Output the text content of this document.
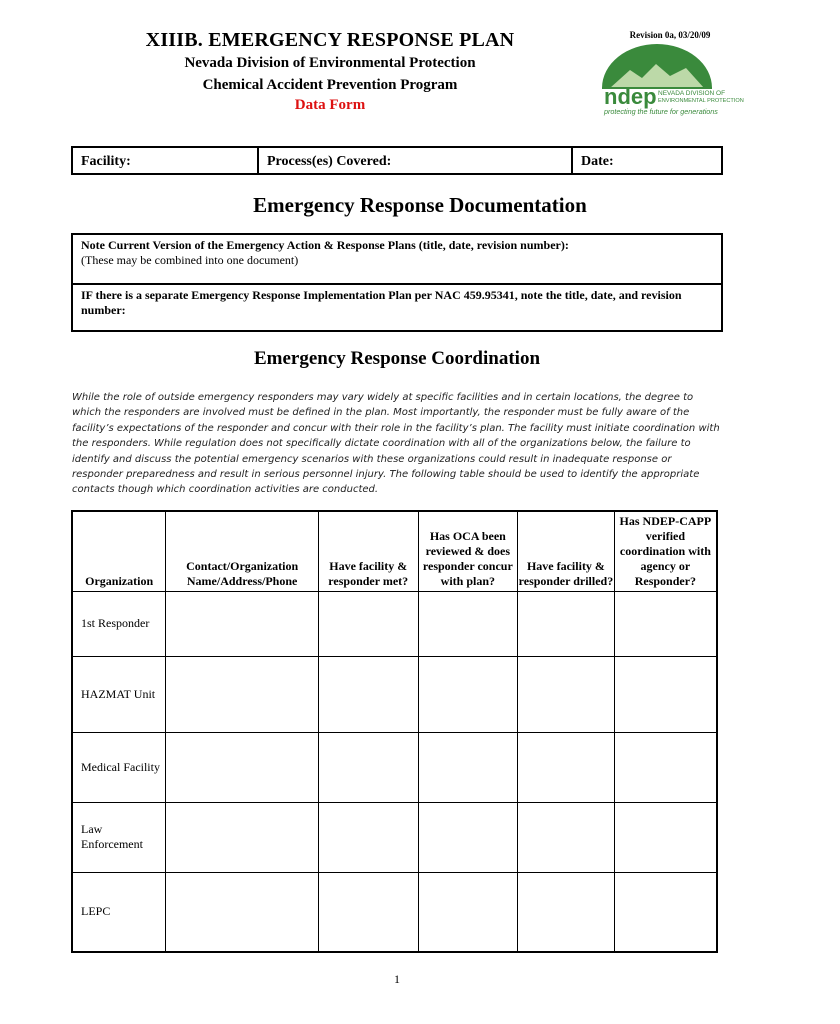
XIIIB. EMERGENCY RESPONSE PLAN
Nevada Division of Environmental Protection
Chemical Accident Prevention Program
Data Form
Revision 0a, 03/20/09
ndep NEVADA DIVISION OF
ENVIRONMENTAL PROTECTION
protecting the future for generations
Facility:	Process(es) Covered:	Date:
Emergency Response Documentation
Note Current Version of the Emergency Action & Response Plans (title, date, revision number):
(These may be combined into one document)
IF there is a separate Emergency Response Implementation Plan per NAC 459.95341, note the title, date, and revision number:
Emergency Response Coordination
While the role of outside emergency responders may vary widely at specific facilities and in certain locations, the degree to which the responders are involved must be defined in the plan. Most importantly, the responder must be fully aware of the facility’s expectations of the responder and concur with their role in the facility’s plan. The facility must initiate coordination with the responders. While regulation does not specifically dictate coordination with all of the organizations below, the failure to identify and discuss the potential emergency scenarios with these organizations could result in inadequate response or responder preparedness and result in serious personnel injury. The following table should be used to identify the appropriate contacts though which coordination activities are conducted.
Organization	Contact/Organization Name/Address/Phone	Have facility & responder met?	Has OCA been reviewed & does responder concur with plan?	Have facility & responder drilled?	Has NDEP-CAPP verified coordination with agency or Responder?
1st Responder					
HAZMAT Unit					
Medical Facility					
Law Enforcement					
LEPC					
1
